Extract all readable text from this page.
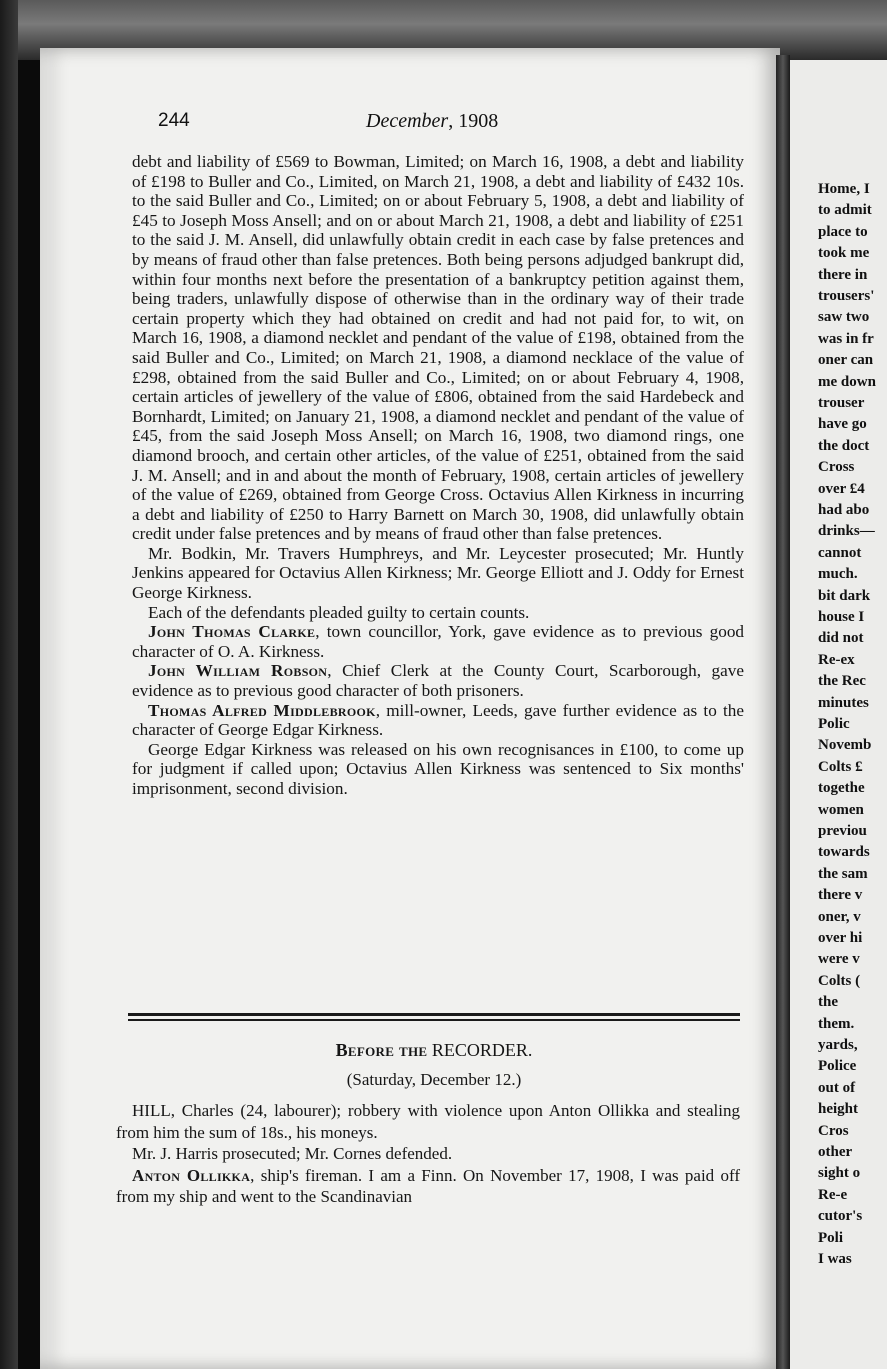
244	December, 1908

debt and liability of £569 to Bowman, Limited; on March 16, 1908, a debt and liability of £198 to Buller and Co., Limited, on March 21, 1908, a debt and liability of £432 10s. to the said Buller and Co., Limited; on or about February 5, 1908, a debt and liability of £45 to Joseph Moss Ansell; and on or about March 21, 1908, a debt and liability of £251 to the said J. M. Ansell, did unlawfully obtain credit in each case by false pretences and by means of fraud other than false pretences. Both being persons adjudged bankrupt did, within four months next before the presentation of a bankruptcy petition against them, being traders, unlawfully dispose of otherwise than in the ordinary way of their trade certain property which they had obtained on credit and had not paid for, to wit, on March 16, 1908, a diamond necklet and pendant of the value of £198, obtained from the said Buller and Co., Limited; on March 21, 1908, a diamond necklace of the value of £298, obtained from the said Buller and Co., Limited; on or about February 4, 1908, certain articles of jewellery of the value of £806, obtained from the said Hardebeck and Bornhardt, Limited; on January 21, 1908, a diamond necklet and pendant of the value of £45, from the said Joseph Moss Ansell; on March 16, 1908, two diamond rings, one diamond brooch, and certain other articles, of the value of £251, obtained from the said J. M. Ansell; and in and about the month of February, 1908, certain articles of jewellery of the value of £269, obtained from George Cross. Octavius Allen Kirkness in incurring a debt and liability of £250 to Harry Barnett on March 30, 1908, did unlawfully obtain credit under false pretences and by means of fraud other than false pretences.

Mr. Bodkin, Mr. Travers Humphreys, and Mr. Leycester prosecuted; Mr. Huntly Jenkins appeared for Octavius Allen Kirkness; Mr. George Elliott and J. Oddy for Ernest George Kirkness.

Each of the defendants pleaded guilty to certain counts.

John Thomas Clarke, town councillor, York, gave evidence as to previous good character of O. A. Kirkness.

John William Robson, Chief Clerk at the County Court, Scarborough, gave evidence as to previous good character of both prisoners.

Thomas Alfred Middlebrook, mill-owner, Leeds, gave further evidence as to the character of George Edgar Kirkness.

George Edgar Kirkness was released on his own recognisances in £100, to come up for judgment if called upon; Octavius Allen Kirkness was sentenced to Six months' imprisonment, second division.

Before the RECORDER.
(Saturday, December 12.)

HILL, Charles (24, labourer); robbery with violence upon Anton Ollikka and stealing from him the sum of 18s., his moneys.

Mr. J. Harris prosecuted; Mr. Cornes defended.

Anton Ollikka, ship's fireman. I am a Finn. On November 17, 1908, I was paid off from my ship and went to the Scandinavian

Home, I
to admit
place to
took me
there in
trousers'
saw two
was in fr
oner can
me down
trouser
have go
the doct
Cross
over £4
had abo
drinks—
cannot
much.
bit dark
house I
did not
Re-ex
the Rec
minutes
Polic
Novemb
Colts £
togethe
women
previou
towards
the sam
there v
oner, v
over hi
were v
Colts (
the
them.
yards,
Police
out of
height
Cros
other
sight o
Re-e
cutor's
Poli
I was
